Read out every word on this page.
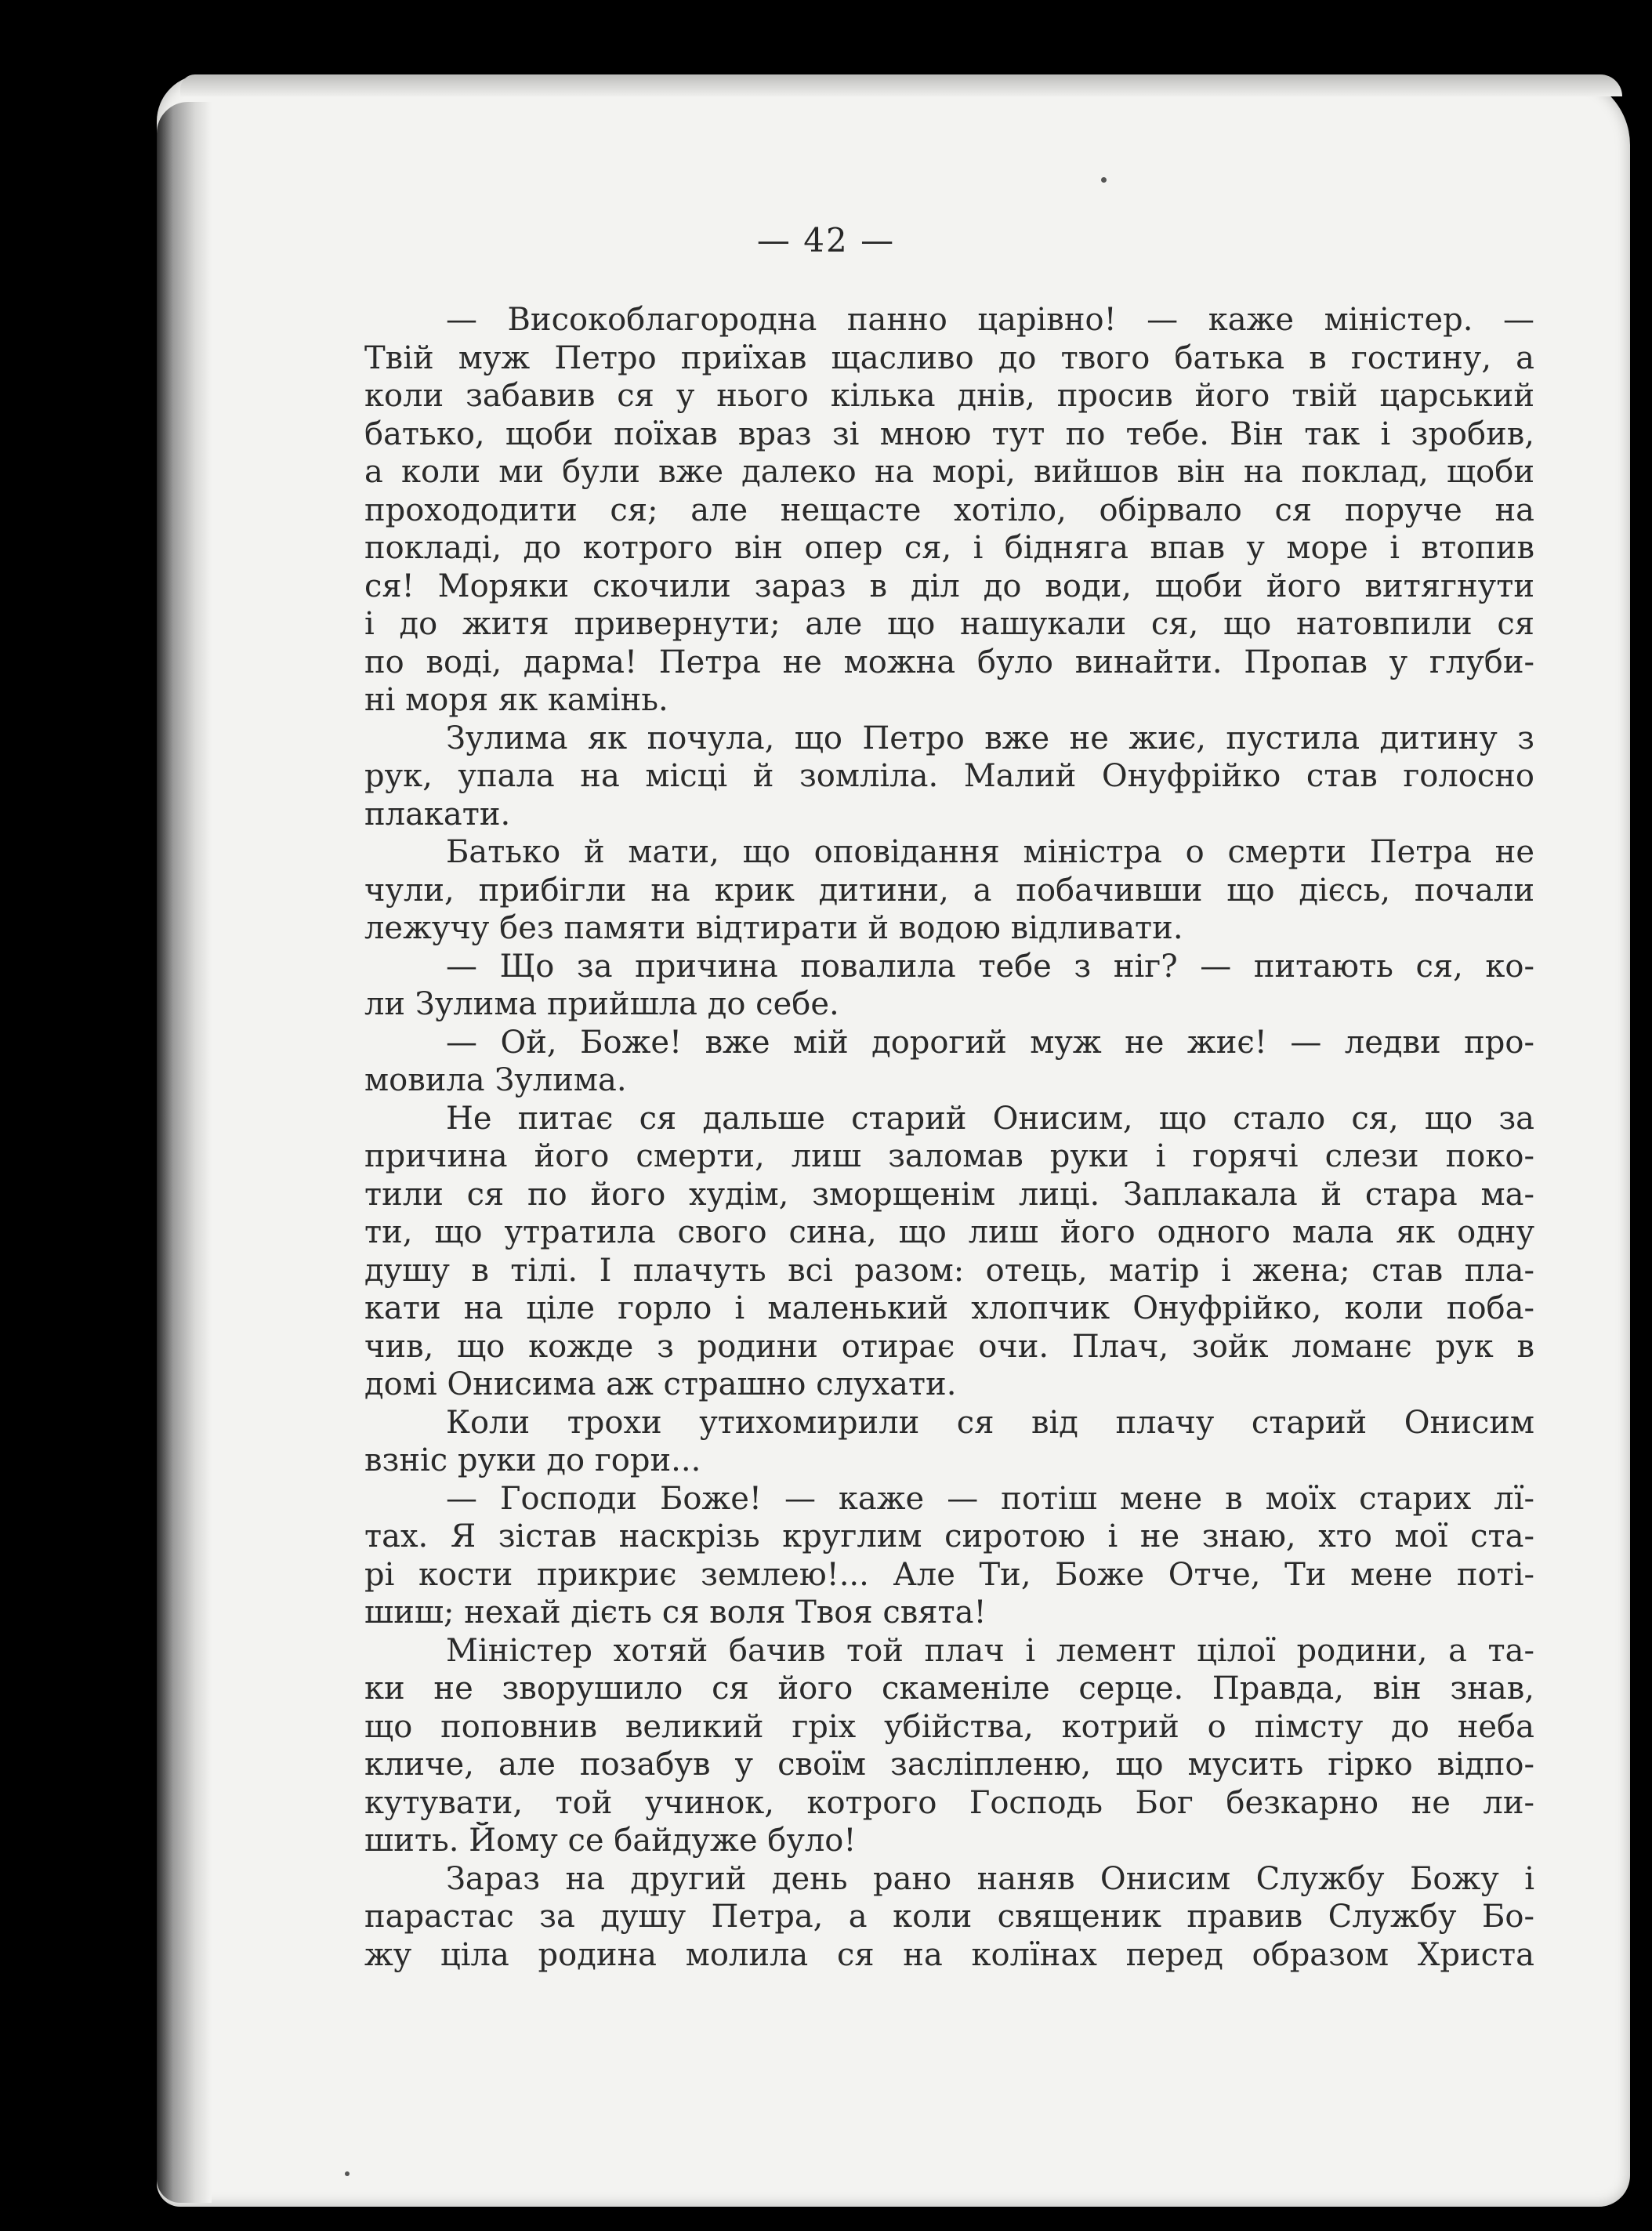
— 42 —

— Високоблагородна панно царівно! — каже міністер. —
Твій муж Петро приїхав щасливо до твого батька в гостину, а
коли забавив ся у нього кілька днів, просив його твій царський
батько, щоби поїхав враз зі мною тут по тебе. Він так і зробив,
а коли ми були вже далеко на морі, вийшов він на поклад, щоби
прохододити ся; але нещасте хотіло, обірвало ся поруче на
покладі, до котрого він опер ся, і бідняга впав у море і втопив
ся! Моряки скочили зараз в діл до води, щоби його витягнути
і до житя привернути; але що нашукали ся, що натовпили ся
по воді, дарма! Петра не можна було винайти. Пропав у глуби-
ні моря як камінь.

Зулима як почула, що Петро вже не жиє, пустила дитину з
рук, упала на місці й зомліла. Малий Онуфрійко став голосно
плакати.

Батько й мати, що оповідання міністра о смерти Петра не
чули, прибігли на крик дитини, а побачивши що дієсь, почали
лежучу без памяти відтирати й водою відливати.

— Що за причина повалила тебе з ніг? — питають ся, ко-
ли Зулима прийшла до себе.

— Ой, Боже! вже мій дорогий муж не жиє! — ледви про-
мовила Зулима.

Не питає ся дальше старий Онисим, що стало ся, що за
причина його смерти, лиш заломав руки і горячі слези поко-
тили ся по його худім, зморщенім лиці. Заплакала й стара ма-
ти, що утратила свого сина, що лиш його одного мала як одну
душу в тілі. І плачуть всі разом: отець, матір і жена; став пла-
кати на ціле горло і маленький хлопчик Онуфрійко, коли поба-
чив, що кожде з родини отирає очи. Плач, зойк ломанє рук в
домі Онисима аж страшно слухати.

Коли трохи утихомирили ся від плачу старий Онисим
взніс руки до гори...

— Господи Боже! — каже — потіш мене в моїх старих лї-
тах. Я зістав наскрізь круглим сиротою і не знаю, хто мої ста-
рі кости прикриє землею!... Але Ти, Боже Отче, Ти мене поті-
шиш; нехай дієть ся воля Твоя свята!

Міністер хотяй бачив той плач і лемент цілої родини, а та-
ки не зворушило ся його скаменіле серце. Правда, він знав,
що поповнив великий гріх убійства, котрий о пімсту до неба
кличе, але позабув у своїм засліпленю, що мусить гірко відпо-
кутувати, той учинок, котрого Господь Бог безкарно не ли-
шить. Йому се байдуже було!

Зараз на другий день рано наняв Онисим Службу Божу і
парастас за душу Петра, а коли священик правив Службу Бо-
жу ціла родина молила ся на колїнах перед образом Христа
